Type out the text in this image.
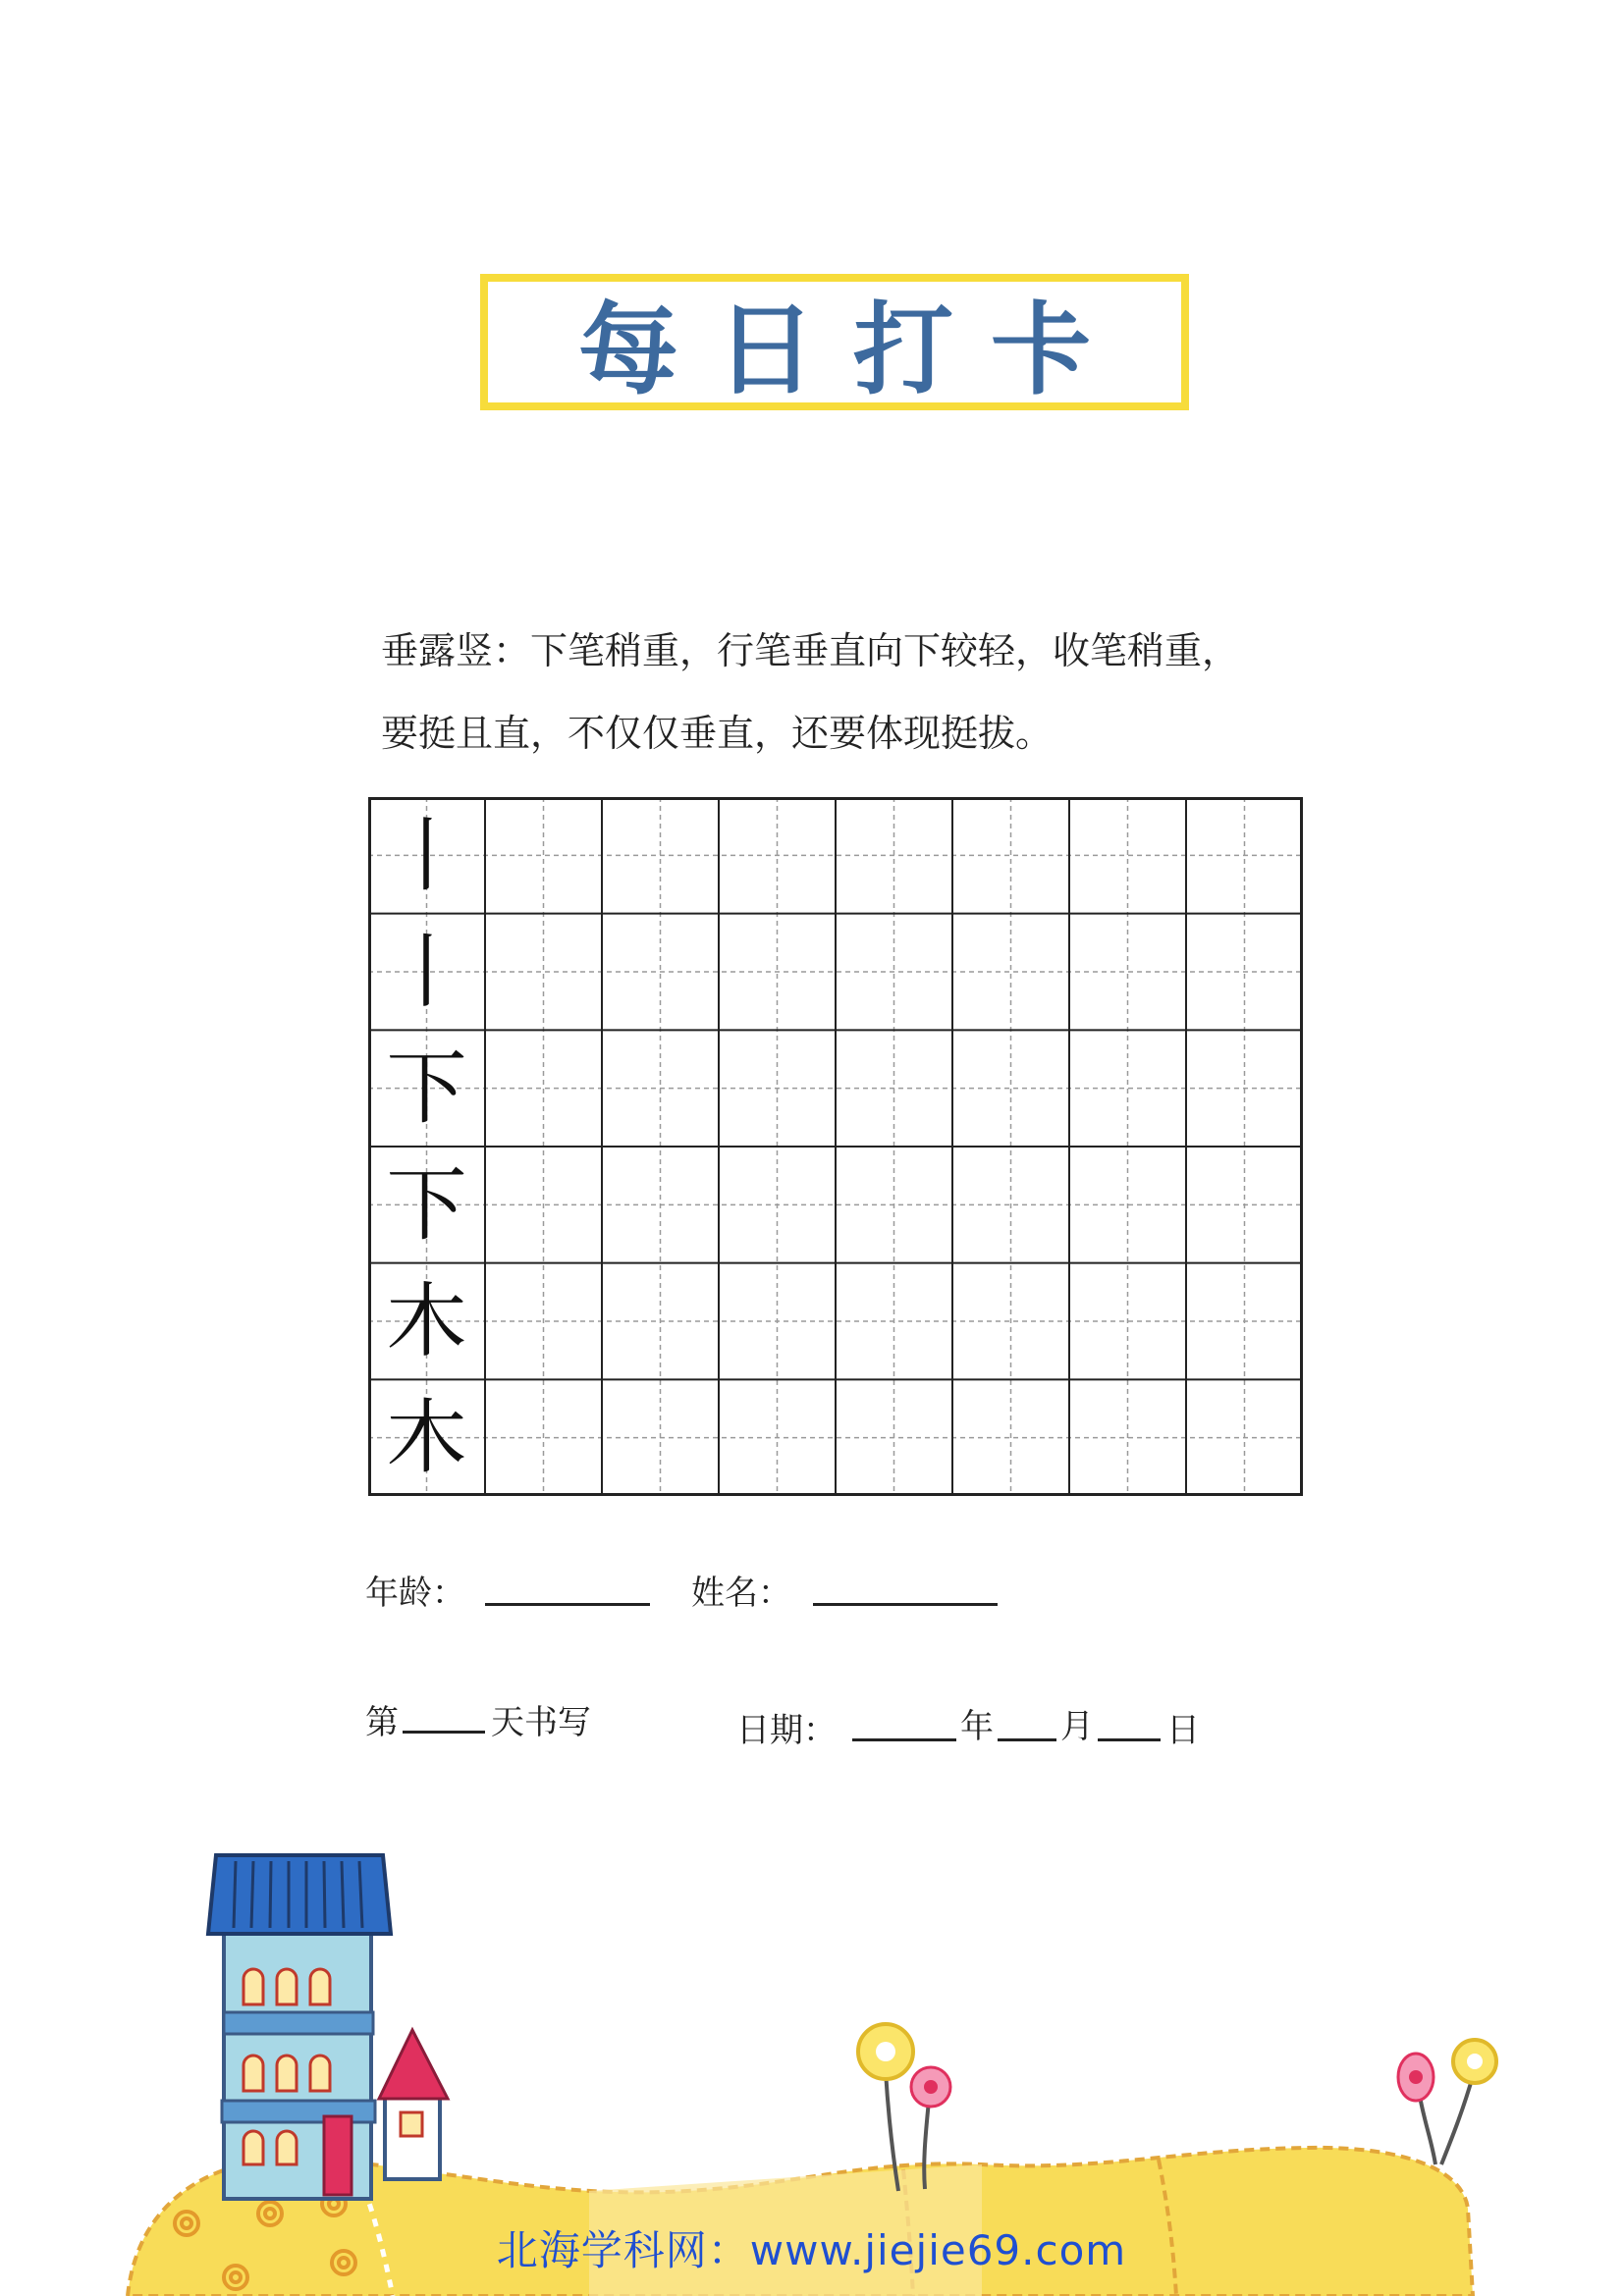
每日打卡
垂露竖：下笔稍重，行笔垂直向下较轻，收笔稍重，
要挺且直，不仅仅垂直，还要体现挺拔。
丨
丨
下
下
木
木
年龄：	姓名：
第	天书写	日期：	年 月 日
北海学科网：www.jiejie69.com
